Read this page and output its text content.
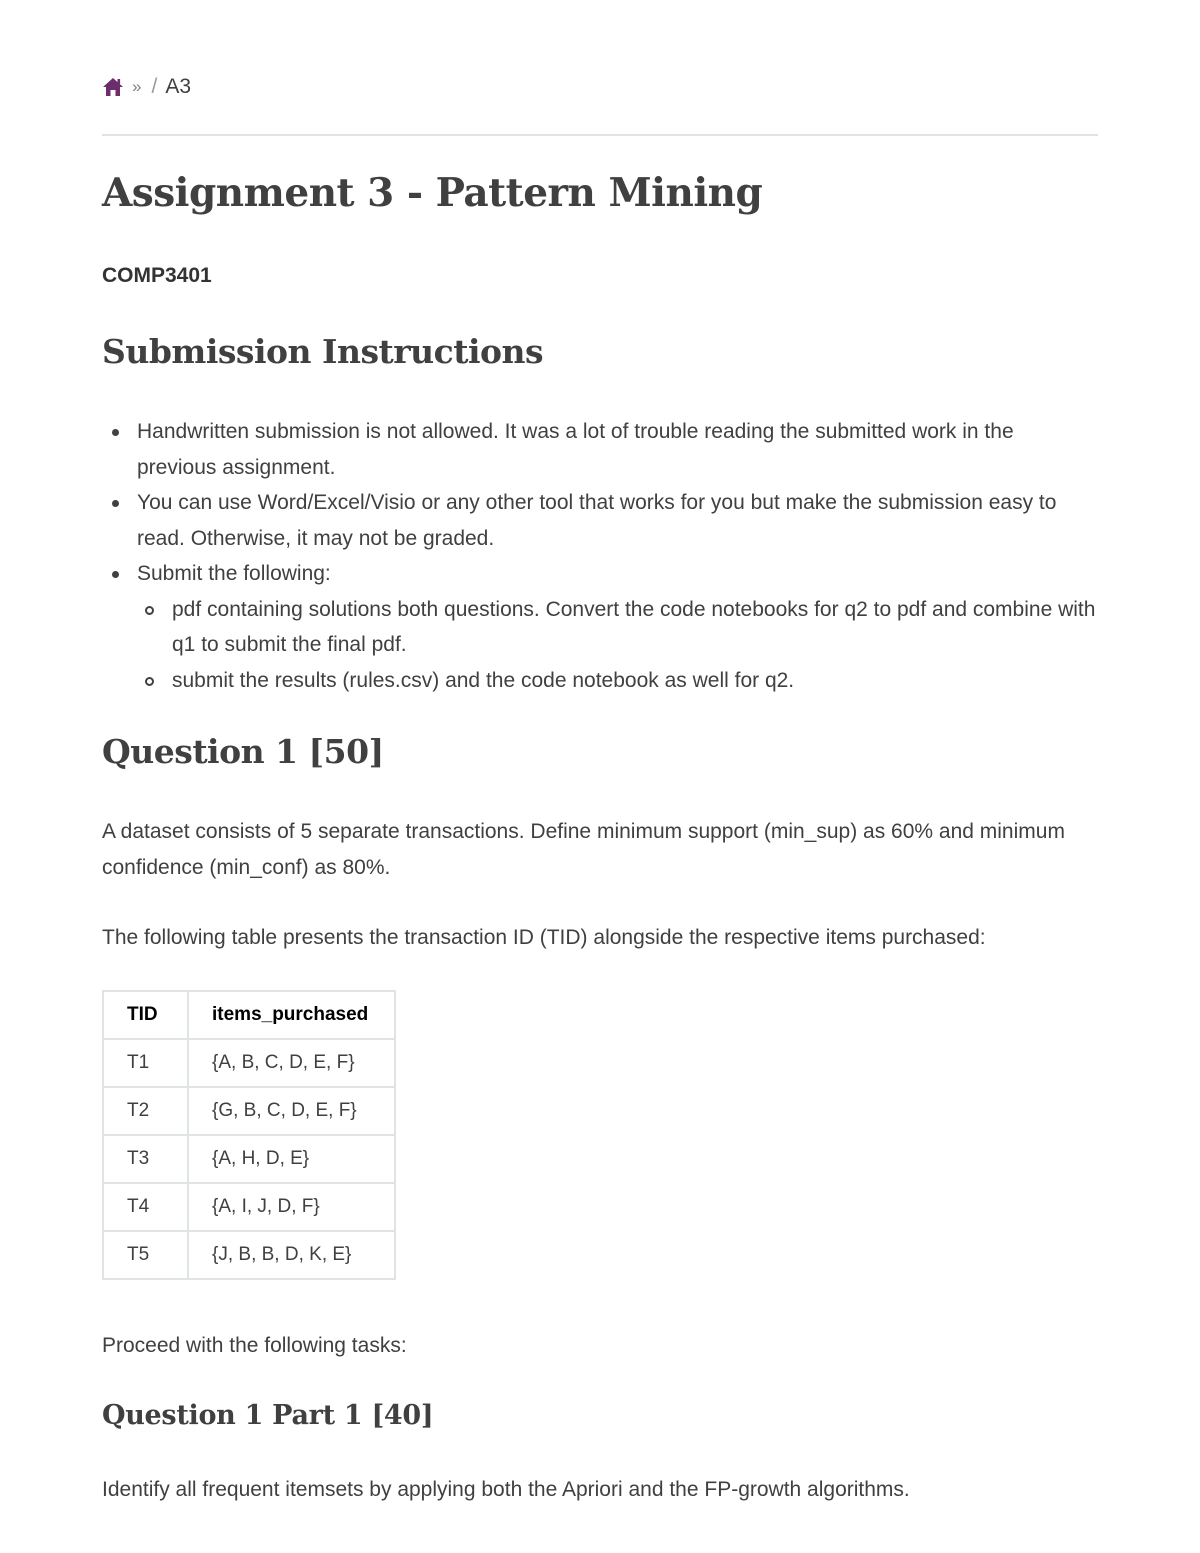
» / A3
Assignment 3 - Pattern Mining

COMP3401

Submission Instructions
Handwritten submission is not allowed. It was a lot of trouble reading the submitted work in the previous assignment.
You can use Word/Excel/Visio or any other tool that works for you but make the submission easy to read. Otherwise, it may not be graded.
Submit the following:
pdf containing solutions both questions. Convert the code notebooks for q2 to pdf and combine with q1 to submit the final pdf.
submit the results (rules.csv) and the code notebook as well for q2.
Question 1 [50]

A dataset consists of 5 separate transactions. Define minimum support (min_sup) as 60% and minimum confidence (min_conf) as 80%.

The following table presents the transaction ID (TID) alongside the respective items purchased:

TID	items_purchased
T1	{A, B, C, D, E, F}
T2	{G, B, C, D, E, F}
T3	{A, H, D, E}
T4	{A, I, J, D, F}
T5	{J, B, B, D, K, E}

Proceed with the following tasks:

Question 1 Part 1 [40]

Identify all frequent itemsets by applying both the Apriori and the FP-growth algorithms.
